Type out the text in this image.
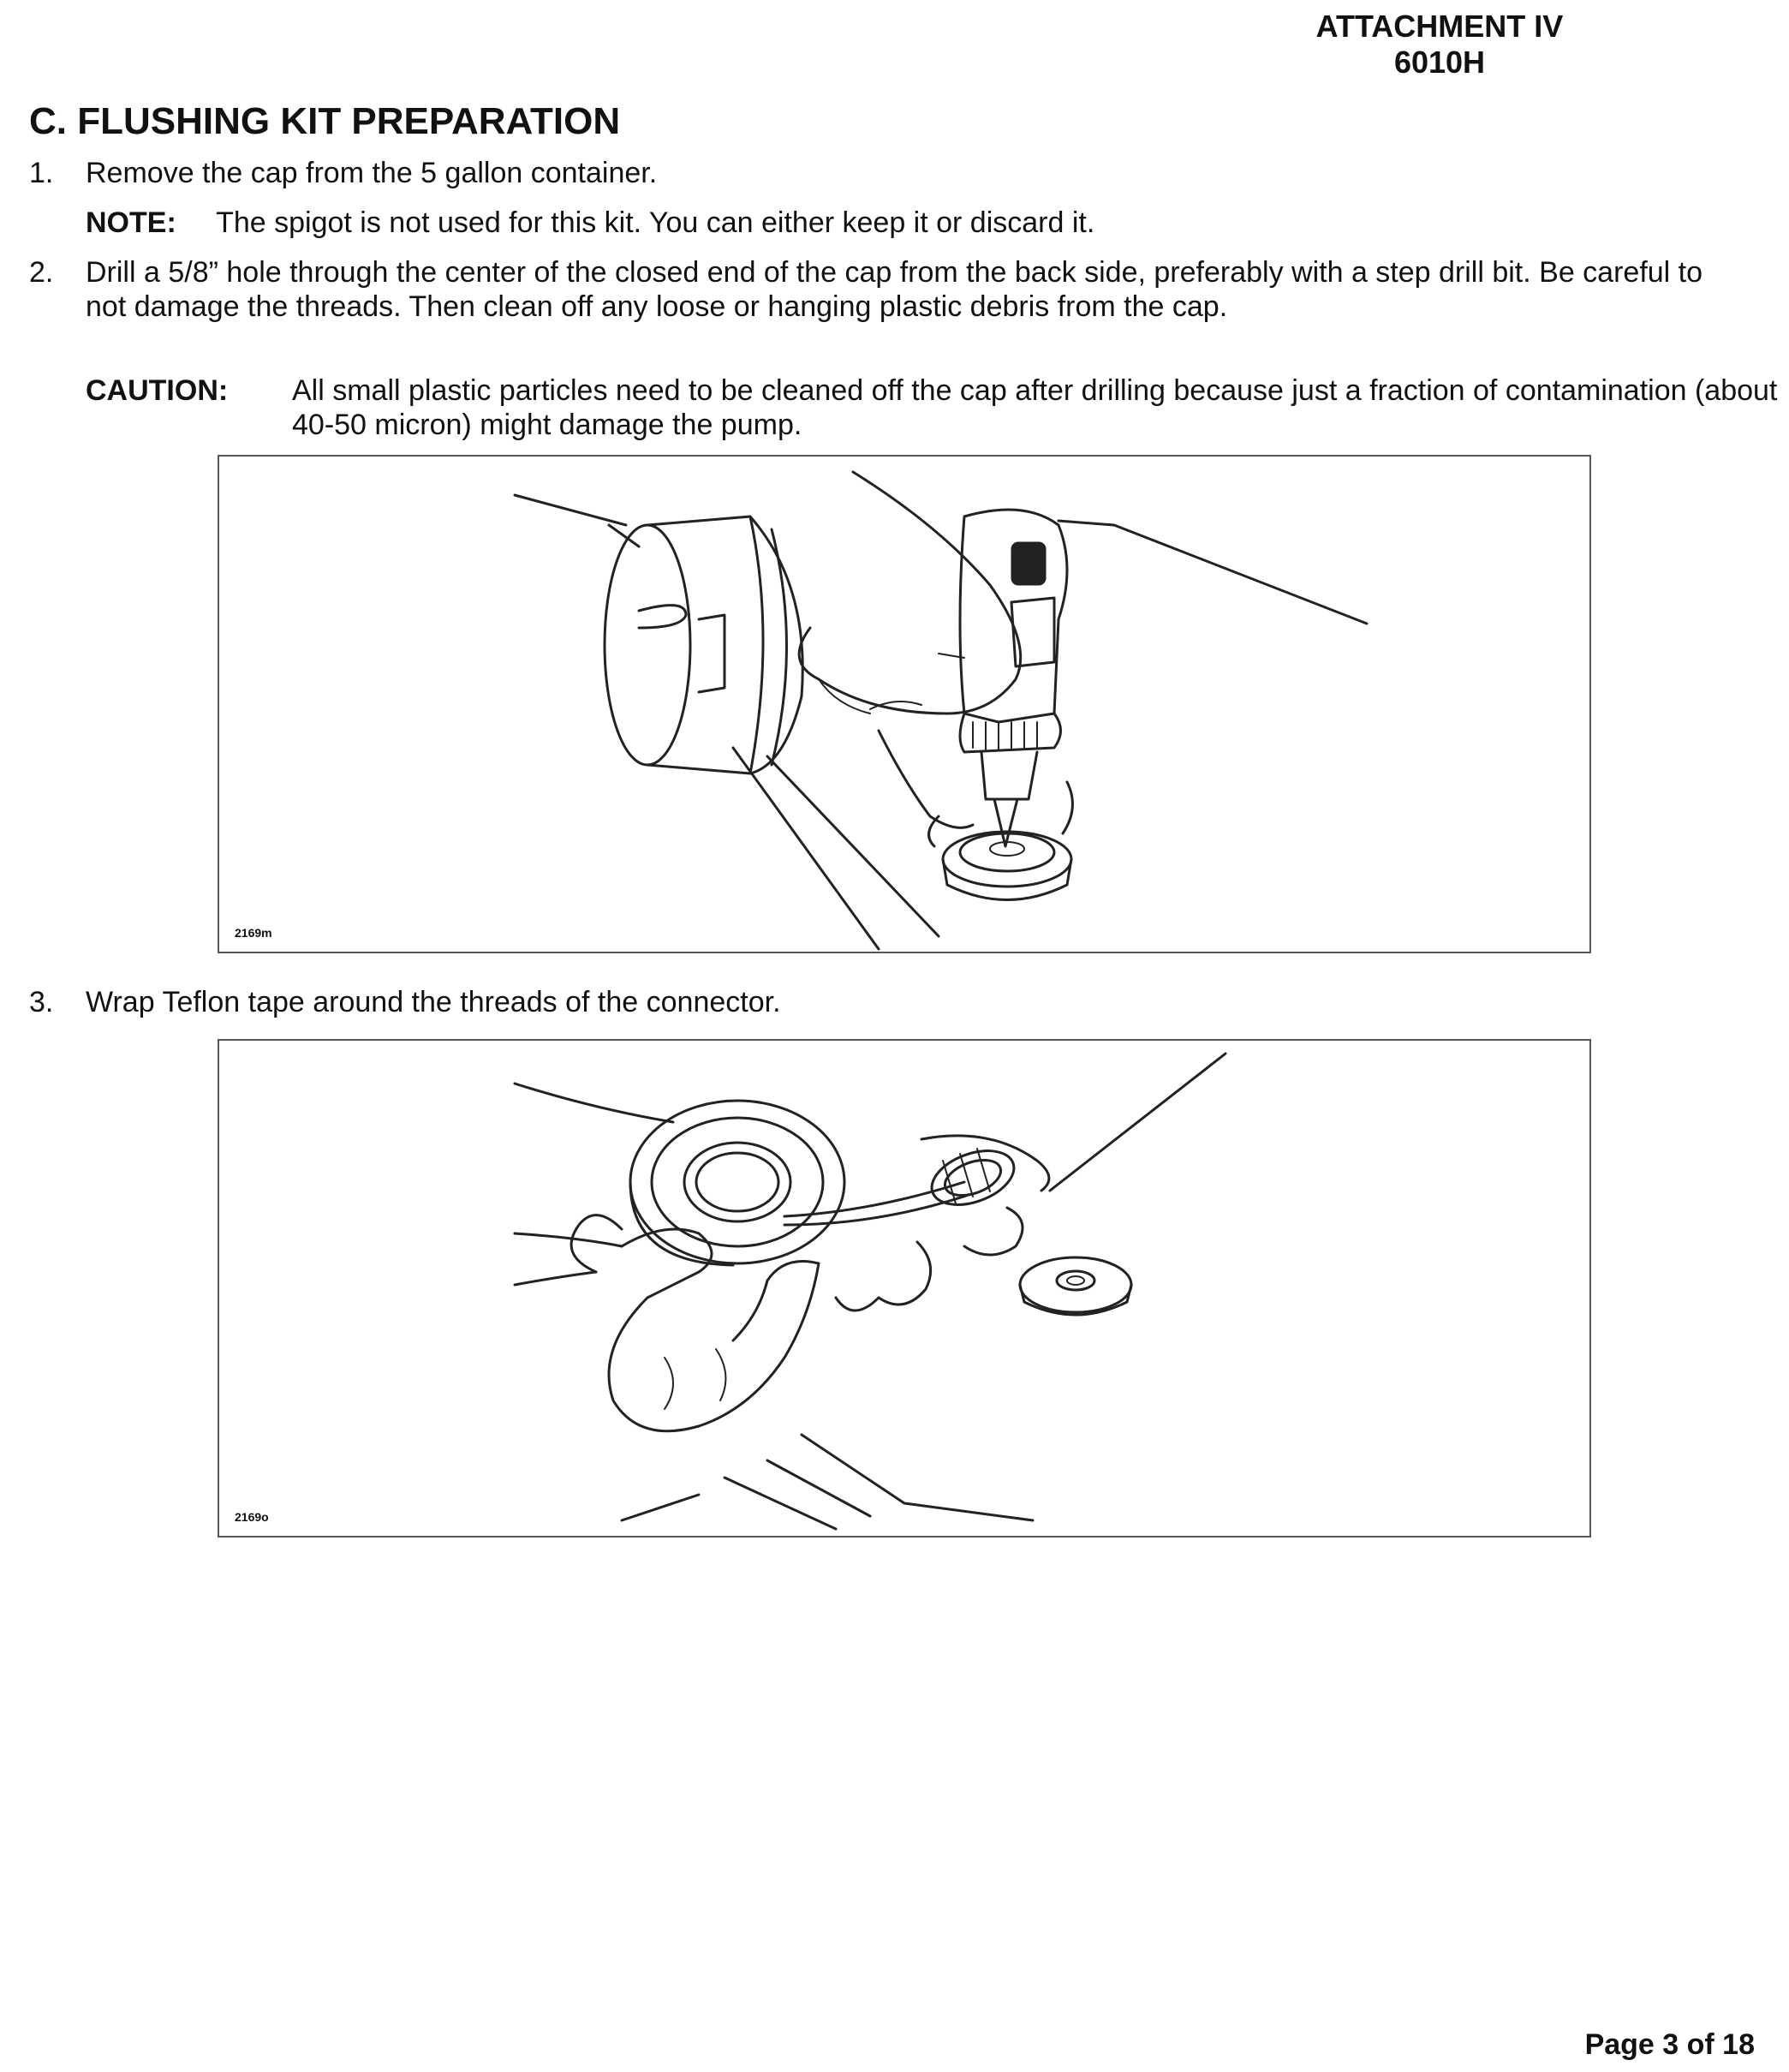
ATTACHMENT IV
6010H
C. FLUSHING KIT PREPARATION
1.	Remove the cap from the 5 gallon container.
NOTE: The spigot is not used for this kit. You can either keep it or discard it.
2.	Drill a 5/8” hole through the center of the closed end of the cap from the back side, preferably with a step drill bit. Be careful to not damage the threads. Then clean off any loose or hanging plastic debris from the cap.
CAUTION: All small plastic particles need to be cleaned off the cap after drilling because just a fraction of contamination (about 40-50 micron) might damage the pump.
2169m
3.	Wrap Teflon tape around the threads of the connector.
2169o
Page 3 of 18
